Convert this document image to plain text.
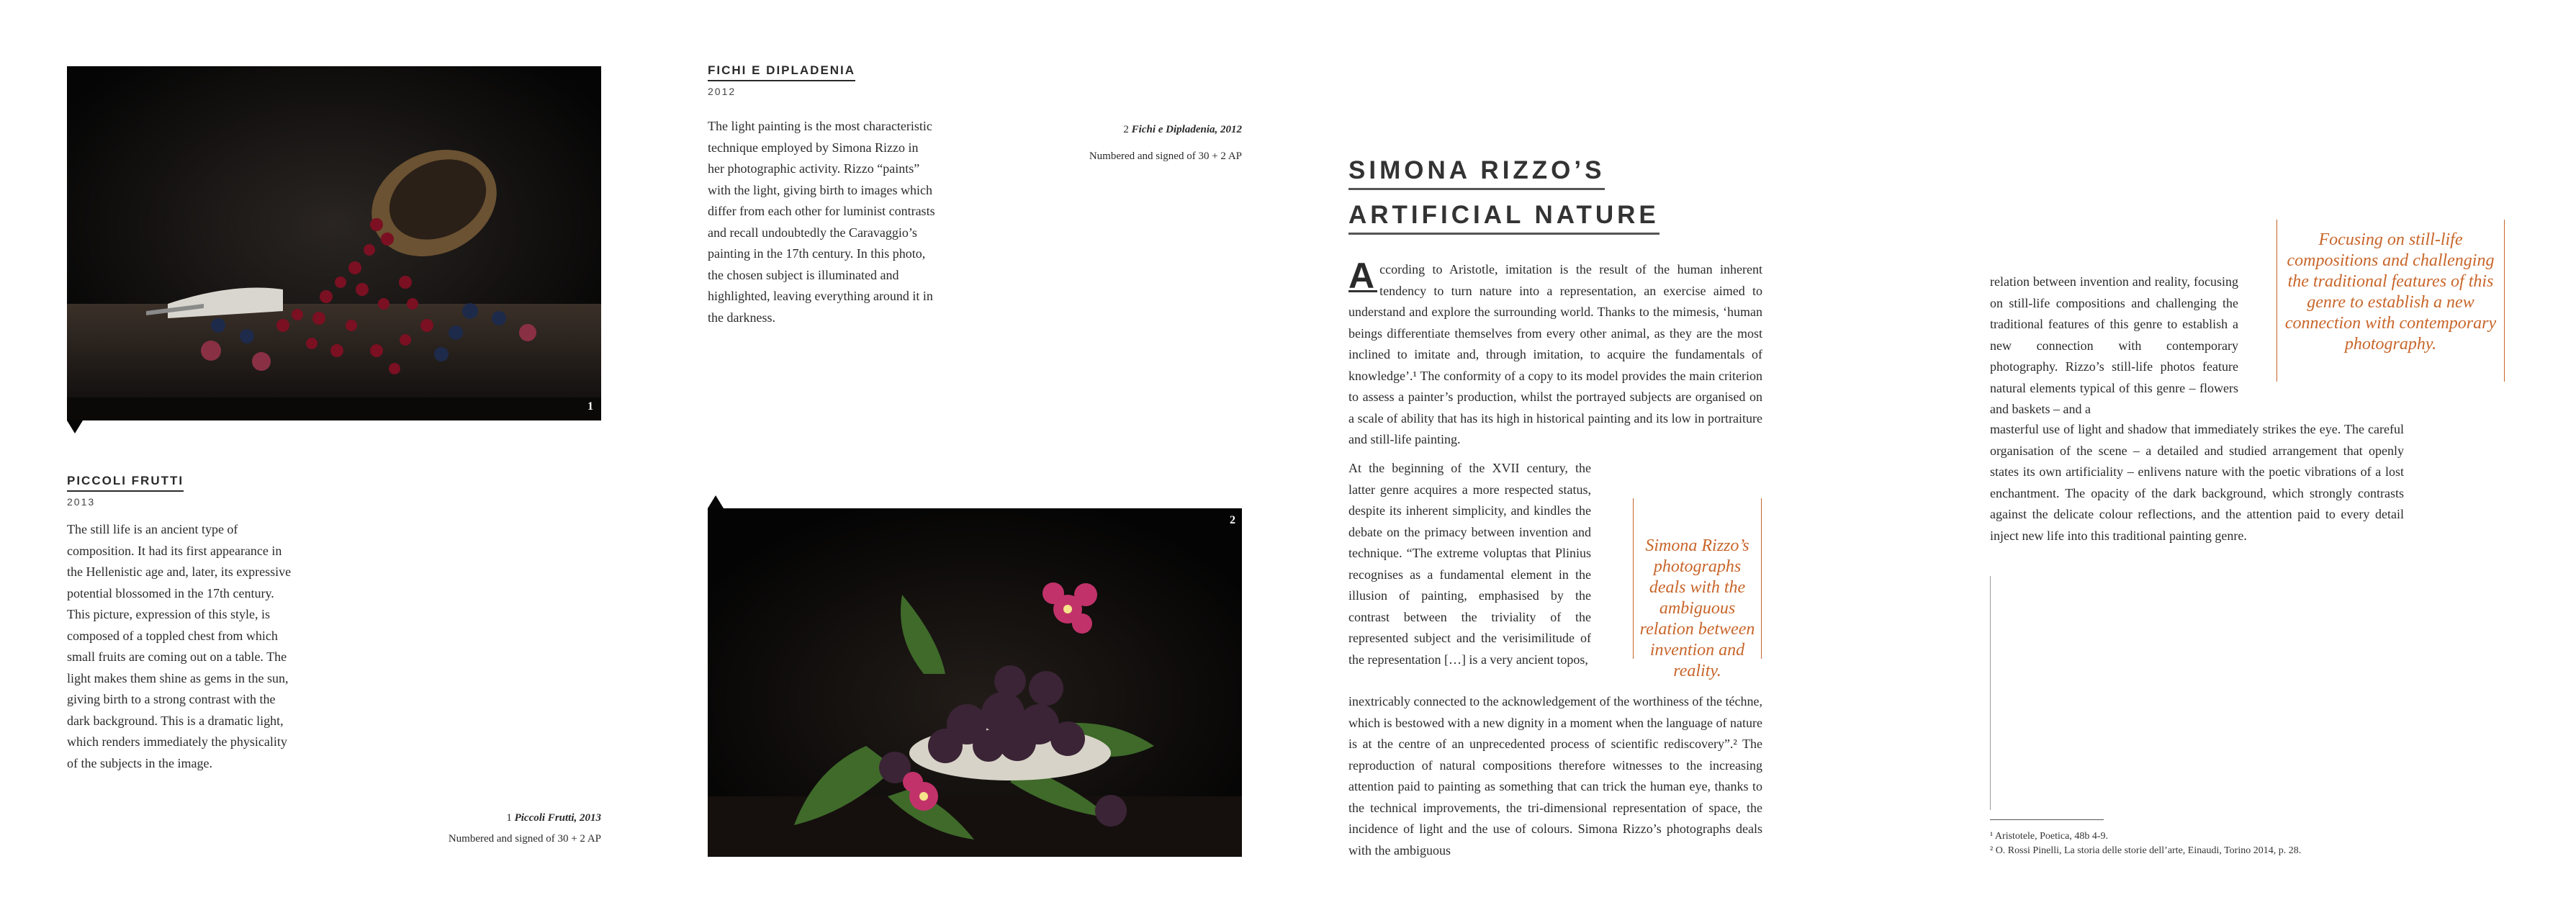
1
PICCOLI FRUTTI
2013
The still life is an ancient type of
composition. It had its first appearance in
the Hellenistic age and, later, its expressive
potential blossomed in the 17th century.
This picture, expression of this style, is
composed of a toppled chest from which
small fruits are coming out on a table. The
light makes them shine as gems in the sun,
giving birth to a strong contrast with the
dark background. This is a dramatic light,
which renders immediately the physicality
of the subjects in the image.
1 Piccoli Frutti, 2013
Numbered and signed of 30 + 2 AP
FICHI E DIPLADENIA
2012
The light painting is the most characteristic
technique employed by Simona Rizzo in
her photographic activity. Rizzo “paints”
with the light, giving birth to images which
differ from each other for luminist contrasts
and recall undoubtedly the Caravaggio’s
painting in the 17th century. In this photo,
the chosen subject is illuminated and
highlighted, leaving everything around it in
the darkness.
2 Fichi e Dipladenia, 2012
Numbered and signed of 30 + 2 AP
2
SIMONA RIZZO’S
ARTIFICIAL NATURE
A ccording to Aristotle, imitation is the result of the human inherent tendency to turn nature into a representation, an exercise aimed to understand and explore the surrounding world. Thanks to the mimesis, ‘human beings differentiate themselves from every other animal, as they are the most inclined to imitate and, through imitation, to acquire the fundamentals of knowledge’.¹ The conformity of a copy to its model provides the main criterion to assess a painter’s production, whilst the portrayed subjects are organised on a scale of ability that has its high in historical painting and its low in portraiture and still-life painting.
At the beginning of the XVII century, the latter genre acquires a more respected status, despite its inherent simplicity, and kindles the debate on the primacy between invention and technique. “The extreme voluptas that Plinius recognises as a fundamental element in the illusion of painting, emphasised by the contrast between the triviality of the represented subject and the verisimilitude of the representation […] is a very ancient topos,
Simona Rizzo’s photographs deals with the ambiguous relation between invention and reality.
inextricably connected to the acknowledgement of the worthiness of the téchne, which is bestowed with a new dignity in a moment when the language of nature is at the centre of an unprecedented process of scientific rediscovery”.² The reproduction of natural compositions therefore witnesses to the increasing attention paid to painting as something that can trick the human eye, thanks to the technical improvements, the tri-dimensional representation of space, the incidence of light and the use of colours. Simona Rizzo’s photographs deals with the ambiguous
relation between invention and reality, focusing on still-life compositions and challenging the traditional features of this genre to establish a new connection with contemporary photography. Rizzo’s still-life photos feature natural elements typical of this genre – flowers and baskets – and a
Focusing on still-life compositions and challenging the traditional features of this genre to establish a new connection with contemporary photography.
masterful use of light and shadow that immediately strikes the eye. The careful organisation of the scene – a detailed and studied arrangement that openly states its own artificiality – enlivens nature with the poetic vibrations of a lost enchantment. The opacity of the dark background, which strongly contrasts against the delicate colour reflections, and the attention paid to every detail inject new life into this traditional painting genre.
¹ Aristotele, Poetica, 48b 4-9.
² O. Rossi Pinelli, La storia delle storie dell’arte, Einaudi, Torino 2014, p. 28.
